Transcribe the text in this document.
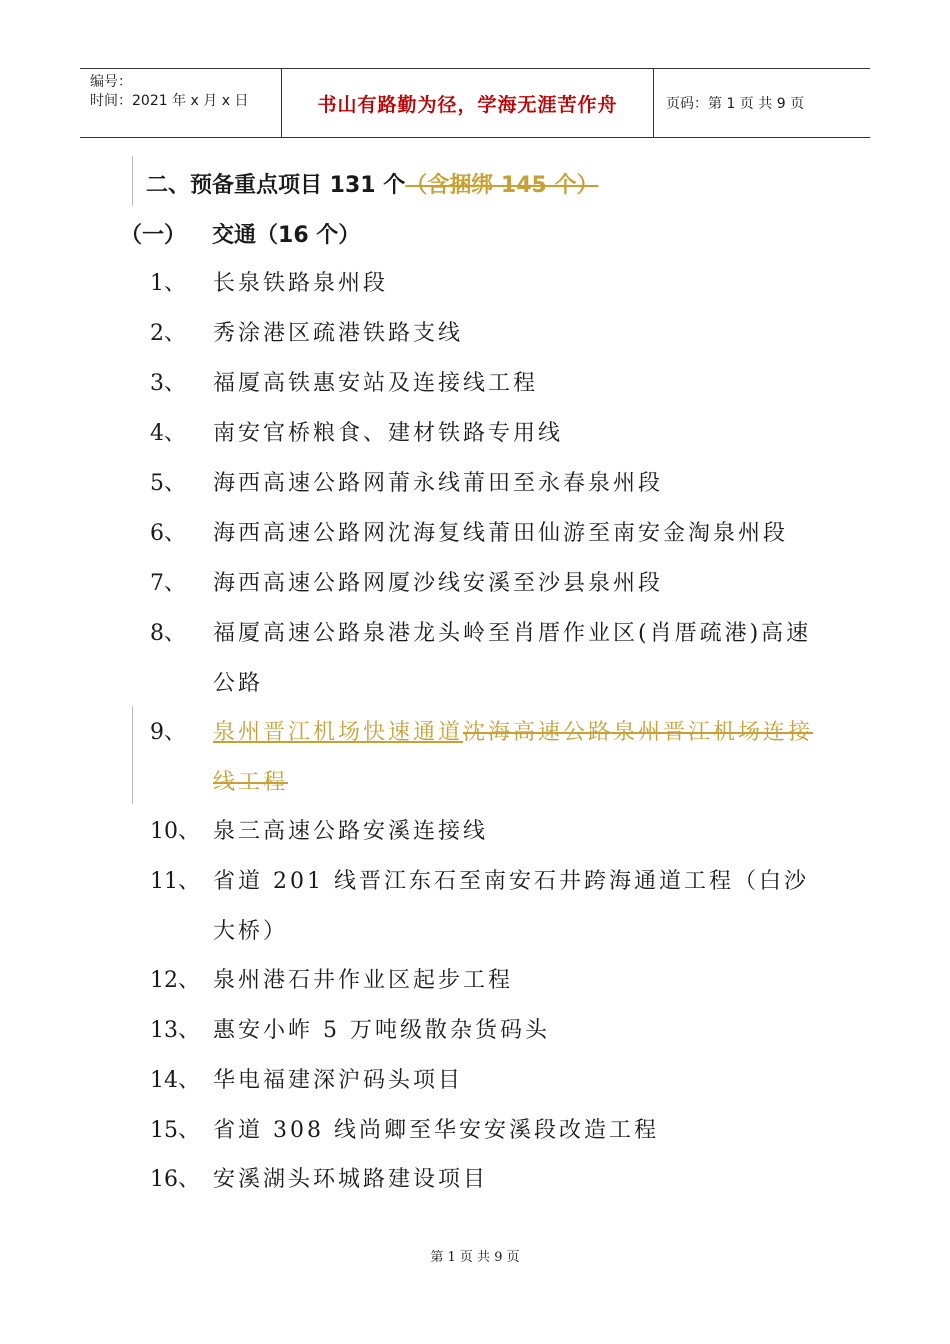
编号：
时间：2021 年 x 月 x 日	书山有路勤为径，学海无涯苦作舟	页码：第 1 页 共 9 页
二、预备重点项目 131 个（含捆绑 145 个）
（一） 交通（16 个）
1、	长泉铁路泉州段
2、	秀涂港区疏港铁路支线
3、	福厦高铁惠安站及连接线工程
4、	南安官桥粮食、建材铁路专用线
5、	海西高速公路网莆永线莆田至永春泉州段
6、	海西高速公路网沈海复线莆田仙游至南安金淘泉州段
7、	海西高速公路网厦沙线安溪至沙县泉州段
8、	福厦高速公路泉港龙头岭至肖厝作业区(肖厝疏港)高速公路
9、	泉州晋江机场快速通道沈海高速公路泉州晋江机场连接线工程
10、 泉三高速公路安溪连接线
11、 省道 201 线晋江东石至南安石井跨海通道工程（白沙大桥）
12、 泉州港石井作业区起步工程
13、 惠安小岞 5 万吨级散杂货码头
14、 华电福建深沪码头项目
15、 省道 308 线尚卿至华安安溪段改造工程
16、 安溪湖头环城路建设项目
第 1 页 共 9 页
